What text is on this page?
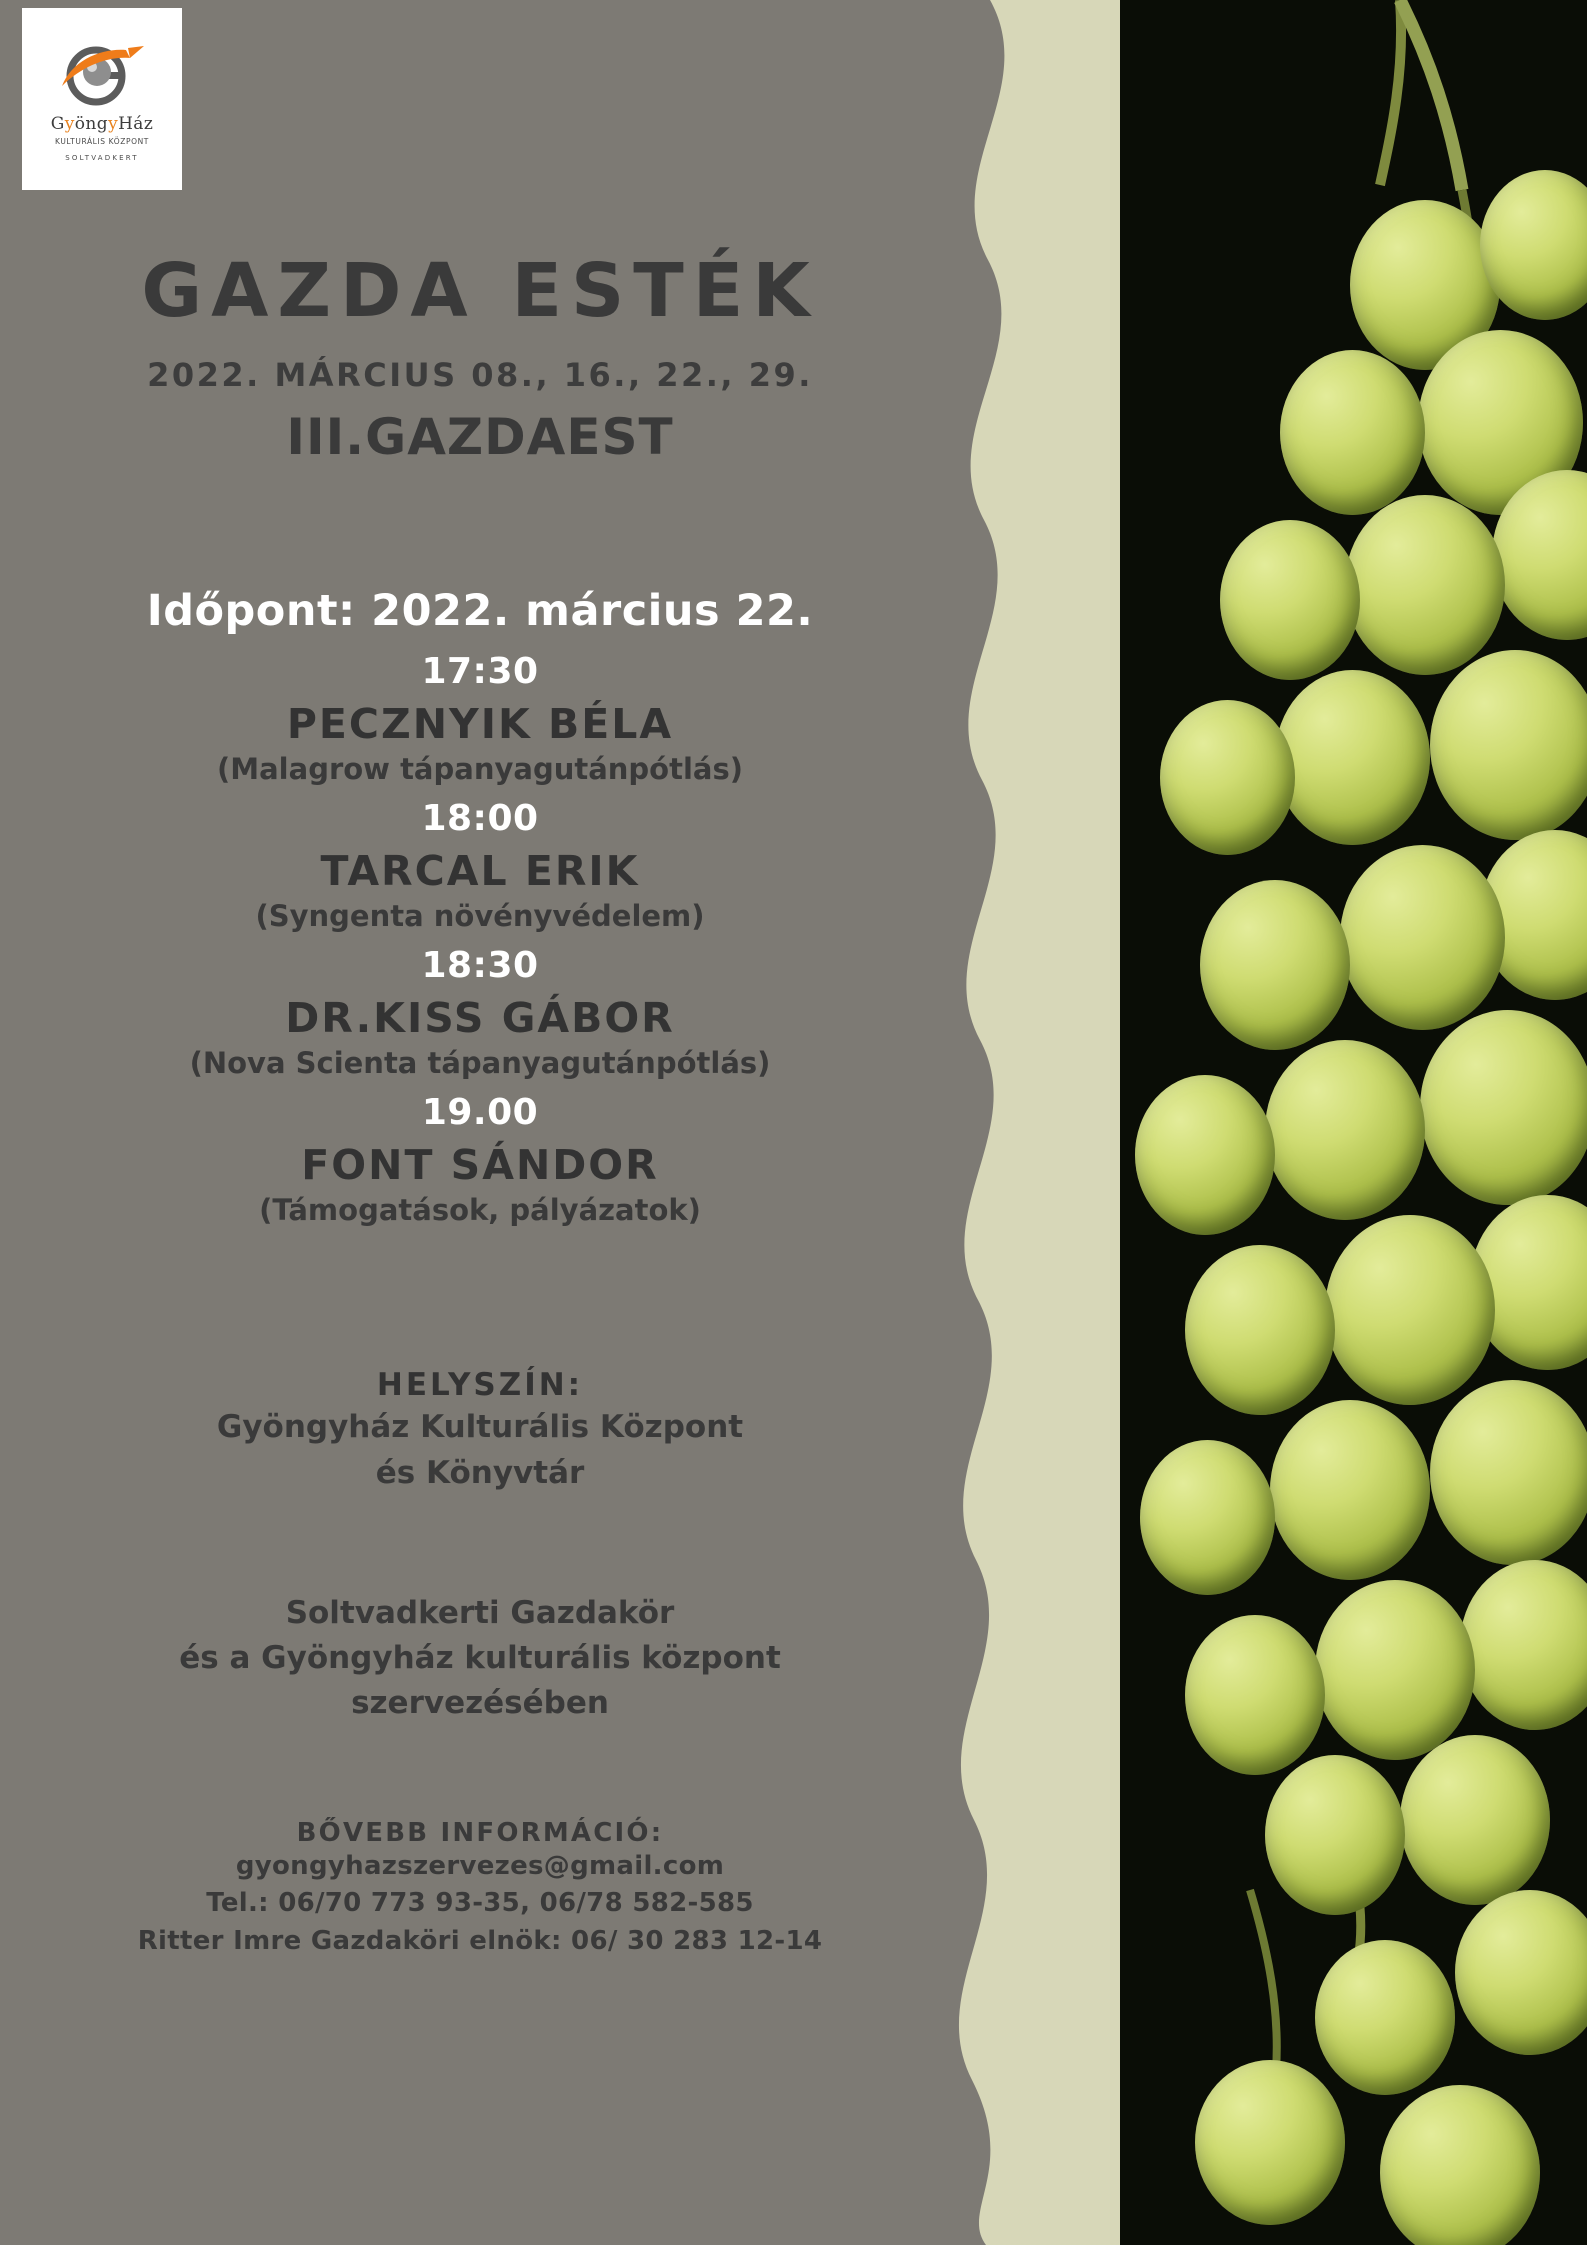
GyöngyHáz
KULTURÁLIS KÖZPONT
SOLTVADKERT
GAZDA ESTÉK
2022. MÁRCIUS 08., 16., 22., 29.
III.GAZDAEST
Időpont: 2022. március 22.
17:30
PECZNYIK BÉLA
(Malagrow tápanyagutánpótlás)
18:00
TARCAL ERIK
(Syngenta növényvédelem)
18:30
DR.KISS GÁBOR
(Nova Scienta tápanyagutánpótlás)
19.00
FONT SÁNDOR
(Támogatások, pályázatok)
HELYSZÍN:
Gyöngyház Kulturális Központ
és Könyvtár
Soltvadkerti Gazdakör
és a Gyöngyház kulturális központ
szervezésében
BŐVEBB INFORMÁCIÓ:
gyongyhazszervezes@gmail.com
Tel.: 06/70 773 93-35, 06/78 582-585
Ritter Imre Gazdaköri elnök: 06/ 30 283 12-14
